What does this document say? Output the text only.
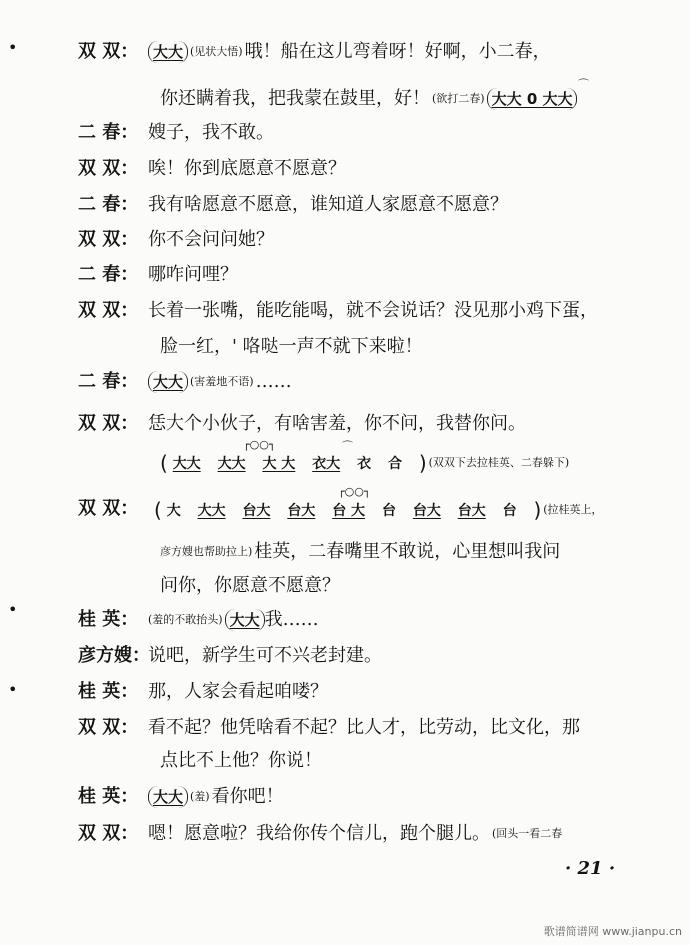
•
•
•
双 双： 大大 (见状大悟) 哦！船在这儿弯着呀！好啊，小二春，
你还瞒着我，把我蒙在鼓里，好！ (欲打二春) 大大 0 大大
⌒
二 春： 嫂子，我不敢。
双 双： 唉！你到底愿意不愿意？
二 春： 我有啥愿意不愿意，谁知道人家愿意不愿意？
双 双： 你不会问问她？
二 春： 哪咋问哩？
双 双： 长着一张嘴，能吃能喝，就不会说话？没见那小鸡下蛋，
脸一红，' 咯哒一声不就下来啦！
二 春： 大大 (害羞地不语) ……
双 双： 恁大个小伙子，有啥害羞，你不问，我替你问。
┌○○┐	⌒
( 大大 大大 大 大 衣大 衣 合 ) (双双下去拉桂英、二春躲下)
双 双：
┌○○┐
( 大 大大 台大 台大 台 大 台 台大 台大 台 ) (拉桂英上，
彦方嫂也帮助拉上) 桂英，二春嘴里不敢说，心里想叫我问
问你，你愿意不愿意？
桂 英： (羞的不敢抬头) 大大 我……
彦方嫂：
说吧，新学生可不兴老封建。
桂 英： 那，人家会看起咱喽？
双 双： 看不起？他凭啥看不起？比人才，比劳动，比文化，那
点比不上他？你说！
桂 英： 大大 (羞) 看你吧！
双 双： 嗯！愿意啦？我给你传个信儿，跑个腿儿。 (回头一看二春
· 21 ·
歌谱简谱网 www.jianpu.cn
